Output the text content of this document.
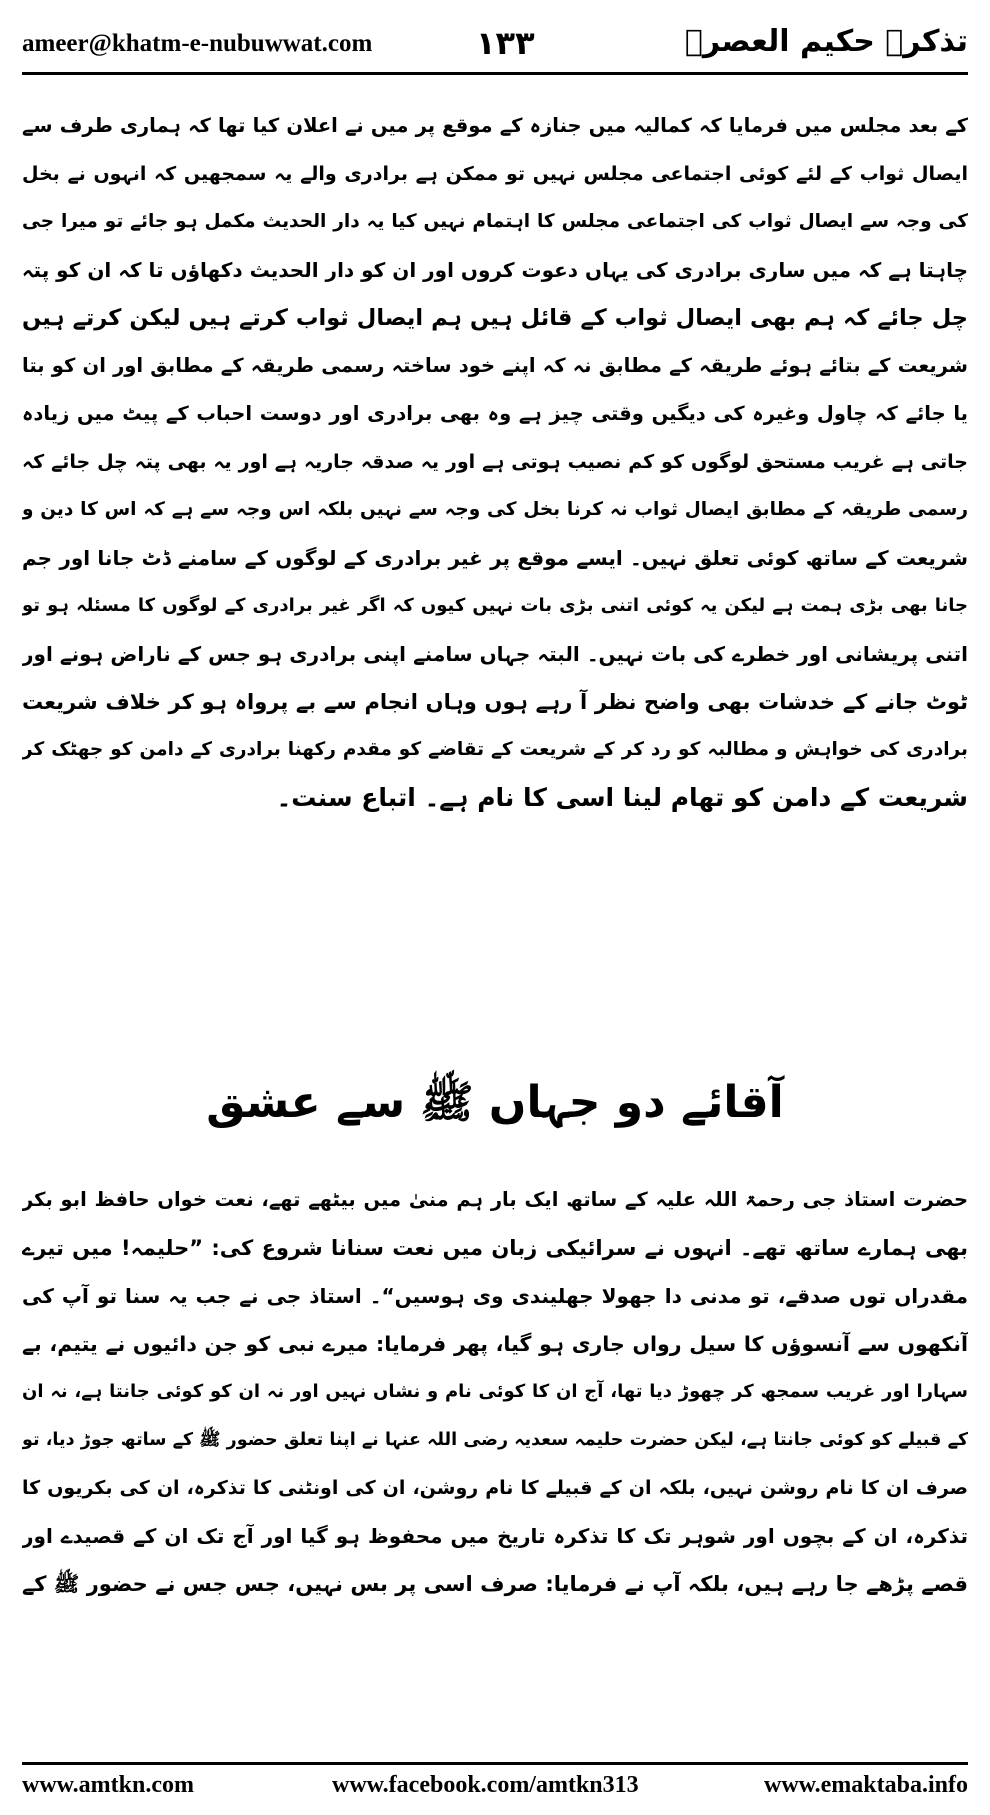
ameer@khatm-e-nubuwwat.com	۱۳۳	تذکرہ حکیم العصرؒ
کے بعد مجلس میں فرمایا کہ کمالیہ میں جنازہ کے موقع پر میں نے اعلان کیا تھا کہ ہماری طرف سے
ایصال ثواب کے لئے کوئی اجتماعی مجلس نہیں تو ممکن ہے برادری والے یہ سمجھیں کہ انہوں نے بخل
کی وجہ سے ایصال ثواب کی اجتماعی مجلس کا اہتمام نہیں کیا یہ دار الحدیث مکمل ہو جائے تو میرا جی
چاہتا ہے کہ میں ساری برادری کی یہاں دعوت کروں اور ان کو دار الحدیث دکھاؤں تا کہ ان کو پتہ
چل جائے کہ ہم بھی ایصال ثواب کے قائل ہیں ہم ایصال ثواب کرتے ہیں لیکن کرتے ہیں
شریعت کے بتائے ہوئے طریقہ کے مطابق نہ کہ اپنے خود ساختہ رسمی طریقہ کے مطابق اور ان کو بتا
یا جائے کہ چاول وغیرہ کی دیگیں وقتی چیز ہے وہ بھی برادری اور دوست احباب کے پیٹ میں زیادہ
جاتی ہے غریب مستحق لوگوں کو کم نصیب ہوتی ہے اور یہ صدقہ جاریہ ہے اور یہ بھی پتہ چل جائے کہ
رسمی طریقہ کے مطابق ایصال ثواب نہ کرنا بخل کی وجہ سے نہیں بلکہ اس وجہ سے ہے کہ اس کا دین و
شریعت کے ساتھ کوئی تعلق نہیں۔ ایسے موقع پر غیر برادری کے لوگوں کے سامنے ڈٹ جانا اور جم
جانا بھی بڑی ہمت ہے لیکن یہ کوئی اتنی بڑی بات نہیں کیوں کہ اگر غیر برادری کے لوگوں کا مسئلہ ہو تو
اتنی پریشانی اور خطرے کی بات نہیں۔ البتہ جہاں سامنے اپنی برادری ہو جس کے ناراض ہونے اور
ٹوٹ جانے کے خدشات بھی واضح نظر آ رہے ہوں وہاں انجام سے بے پرواہ ہو کر خلاف شریعت
برادری کی خواہش و مطالبہ کو رد کر کے شریعت کے تقاضے کو مقدم رکھنا برادری کے دامن کو جھٹک کر
شریعت کے دامن کو تھام لینا اسی کا نام ہے۔ اتباع سنت۔
آقائے دو جہاں ﷺ سے عشق
حضرت استاذ جی رحمۃ اللہ علیہ کے ساتھ ایک بار ہم منیٰ میں بیٹھے تھے، نعت خواں حافظ ابو بکر
بھی ہمارے ساتھ تھے۔ انہوں نے سرائیکی زبان میں نعت سنانا شروع کی: ”حلیمہ! میں تیرے
مقدراں توں صدقے، تو مدنی دا جھولا جھلیندی وی ہوسیں“۔ استاذ جی نے جب یہ سنا تو آپ کی
آنکھوں سے آنسوؤں کا سیل رواں جاری ہو گیا، پھر فرمایا: میرے نبی کو جن دائیوں نے یتیم، بے
سہارا اور غریب سمجھ کر چھوڑ دیا تھا، آج ان کا کوئی نام و نشاں نہیں اور نہ ان کو کوئی جانتا ہے، نہ ان
کے قبیلے کو کوئی جانتا ہے، لیکن حضرت حلیمہ سعدیہ رضی اللہ عنہا نے اپنا تعلق حضور ﷺ کے ساتھ جوڑ دیا، تو
صرف ان کا نام روشن نہیں، بلکہ ان کے قبیلے کا نام روشن، ان کی اونٹنی کا تذکرہ، ان کی بکریوں کا
تذکرہ، ان کے بچوں اور شوہر تک کا تذکرہ تاریخ میں محفوظ ہو گیا اور آج تک ان کے قصیدے اور
قصے پڑھے جا رہے ہیں، بلکہ آپ نے فرمایا: صرف اسی پر بس نہیں، جس جس نے حضور ﷺ کے
www.amtkn.com	www.facebook.com/amtkn313	www.emaktaba.info
